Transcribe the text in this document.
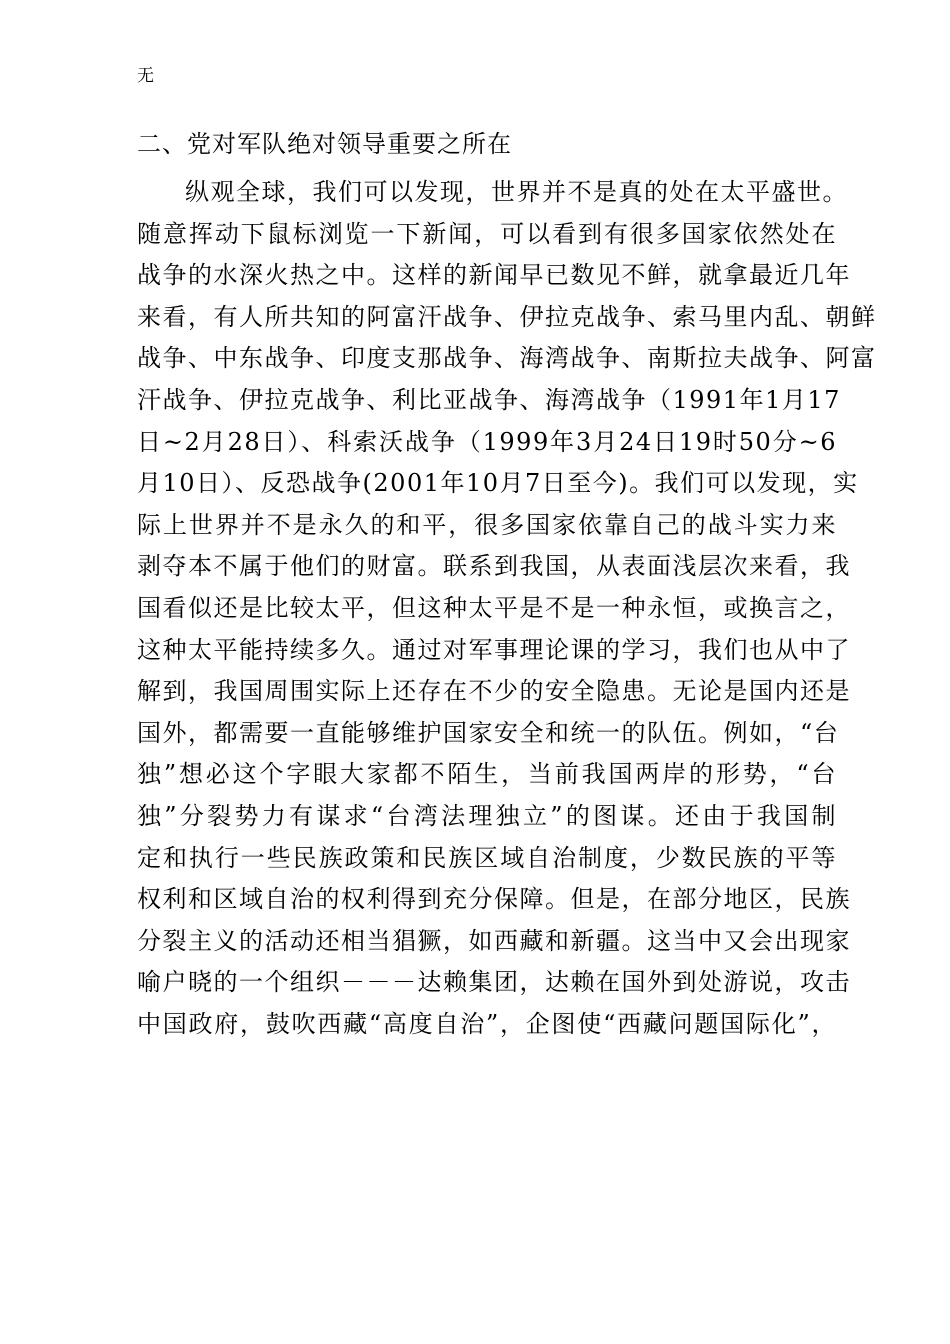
无

二、党对军队绝对领导重要之所在
纵观全球，我们可以发现，世界并不是真的处在太平盛世。
随意挥动下鼠标浏览一下新闻，可以看到有很多国家依然处在
战争的水深火热之中。这样的新闻早已数见不鲜，就拿最近几年
来看，有人所共知的阿富汗战争、伊拉克战争、索马里内乱、朝鲜
战争、中东战争、印度支那战争、海湾战争、南斯拉夫战争、阿富
汗战争、伊拉克战争、利比亚战争、海湾战争（1991年1月17
日~2月28日）、科索沃战争（1999年3月24日19时50分~6
月10日）、反恐战争(2001年10月7日至今)。我们可以发现，实
际上世界并不是永久的和平，很多国家依靠自己的战斗实力来
剥夺本不属于他们的财富。联系到我国，从表面浅层次来看，我
国看似还是比较太平，但这种太平是不是一种永恒，或换言之，
这种太平能持续多久。通过对军事理论课的学习，我们也从中了
解到，我国周围实际上还存在不少的安全隐患。无论是国内还是
国外，都需要一直能够维护国家安全和统一的队伍。例如，“台
独”想必这个字眼大家都不陌生，当前我国两岸的形势，“台
独”分裂势力有谋求“台湾法理独立”的图谋。还由于我国制
定和执行一些民族政策和民族区域自治制度，少数民族的平等
权利和区域自治的权利得到充分保障。但是，在部分地区，民族
分裂主义的活动还相当猖獗，如西藏和新疆。这当中又会出现家
喻户晓的一个组织－－－达赖集团，达赖在国外到处游说，攻击
中国政府，鼓吹西藏“高度自治”，企图使“西藏问题国际化”，
